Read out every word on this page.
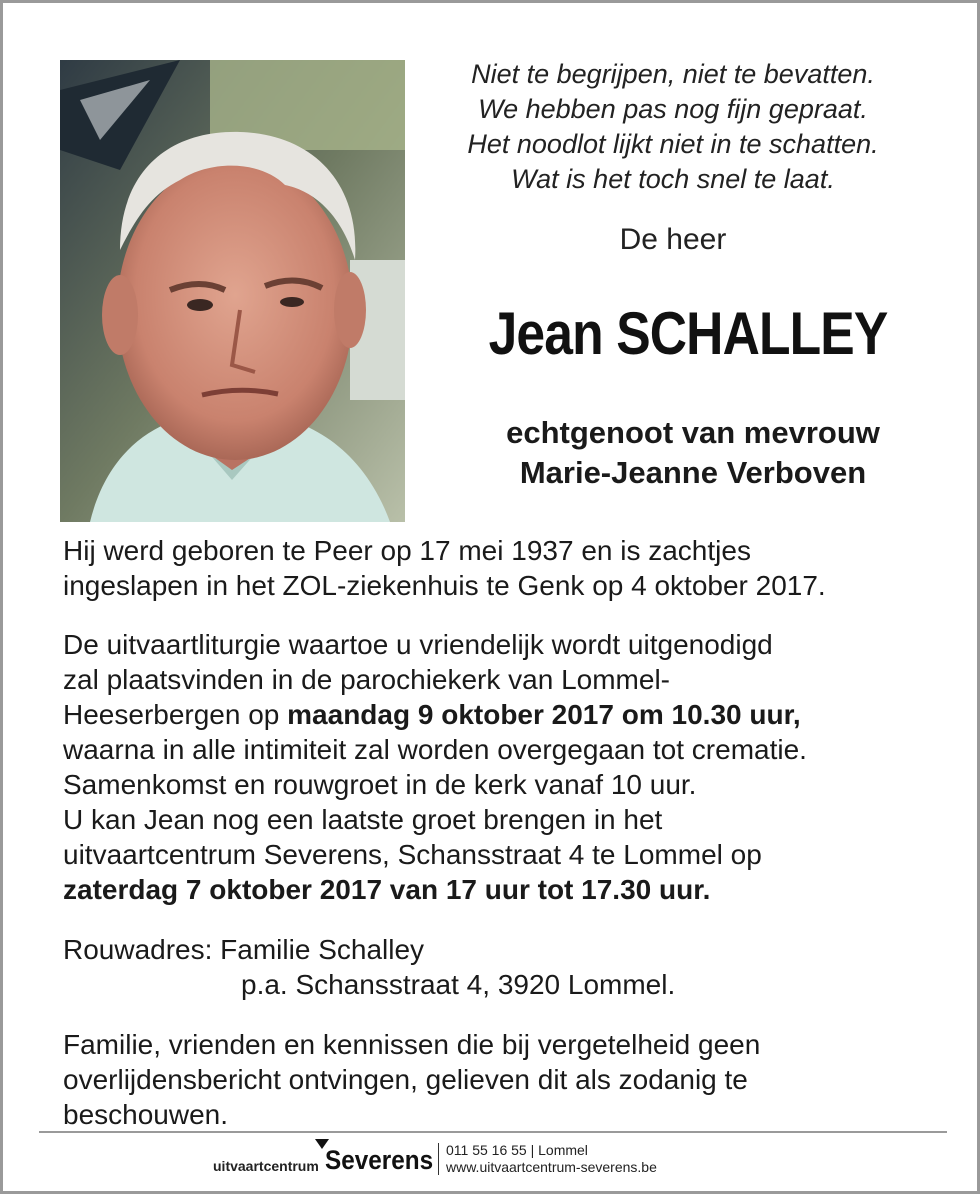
Niet te begrijpen, niet te bevatten.
We hebben pas nog fijn gepraat.
Het noodlot lijkt niet in te schatten.
Wat is het toch snel te laat.
De heer
Jean SCHALLEY
echtgenoot van mevrouw
Marie-Jeanne Verboven
Hij werd geboren te Peer op 17 mei 1937 en is zachtjes
ingeslapen in het ZOL-ziekenhuis te Genk op 4 oktober 2017.
De uitvaartliturgie waartoe u vriendelijk wordt uitgenodigd
zal plaatsvinden in de parochiekerk van Lommel-
Heeserbergen op maandag 9 oktober 2017 om 10.30 uur,
waarna in alle intimiteit zal worden overgegaan tot crematie.
Samenkomst en rouwgroet in de kerk vanaf 10 uur.
U kan Jean nog een laatste groet brengen in het
uitvaartcentrum Severens, Schansstraat 4 te Lommel op
zaterdag 7 oktober 2017 van 17 uur tot 17.30 uur.
Rouwadres: Familie Schalley
p.a. Schansstraat 4, 3920 Lommel.
Familie, vrienden en kennissen die bij vergetelheid geen
overlijdensbericht ontvingen, gelieven dit als zodanig te
beschouwen.
uitvaartcentrum Severens 011 55 16 55 | Lommel
www.uitvaartcentrum-severens.be
